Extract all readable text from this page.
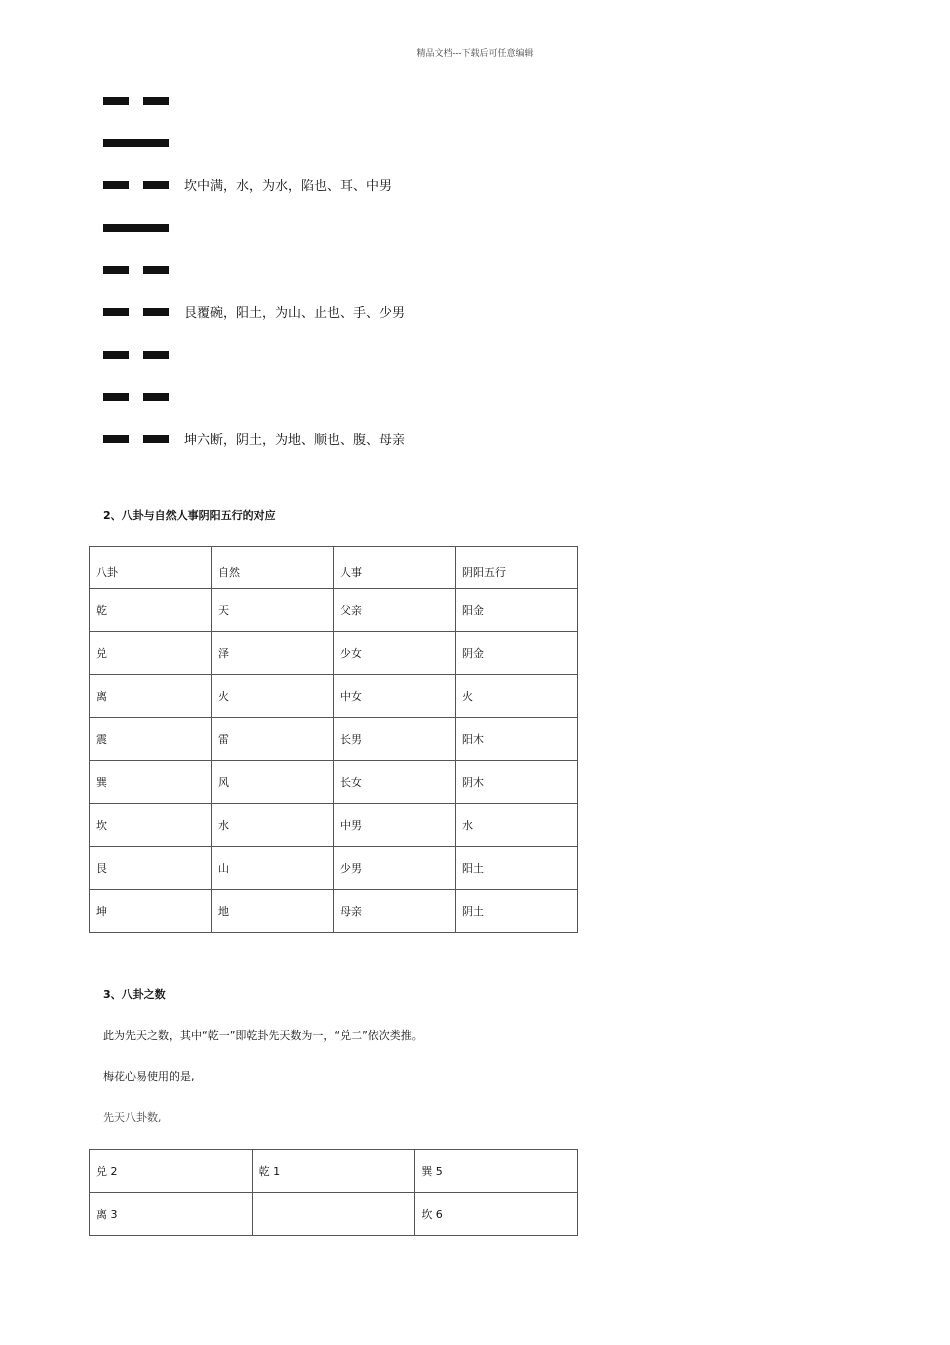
精品文档---下载后可任意编辑
坎中满，水，为水，陷也、耳、中男
艮覆碗，阳土，为山、止也、手、少男
坤六断，阴土，为地、顺也、腹、母亲
2、八卦与自然人事阴阳五行的对应
八卦	自然	人事	阴阳五行
乾	天	父亲	阳金
兑	泽	少女	阴金
离	火	中女	火
震	雷	长男	阳木
巽	风	长女	阴木
坎	水	中男	水
艮	山	少男	阳土
坤	地	母亲	阴土
3、八卦之数
此为先天之数，其中“乾一”即乾卦先天数为一，“兑二”依次类推。
梅花心易使用的是,
先天八卦数,
兑 2	乾 1	巽 5
离 3		坎 6
